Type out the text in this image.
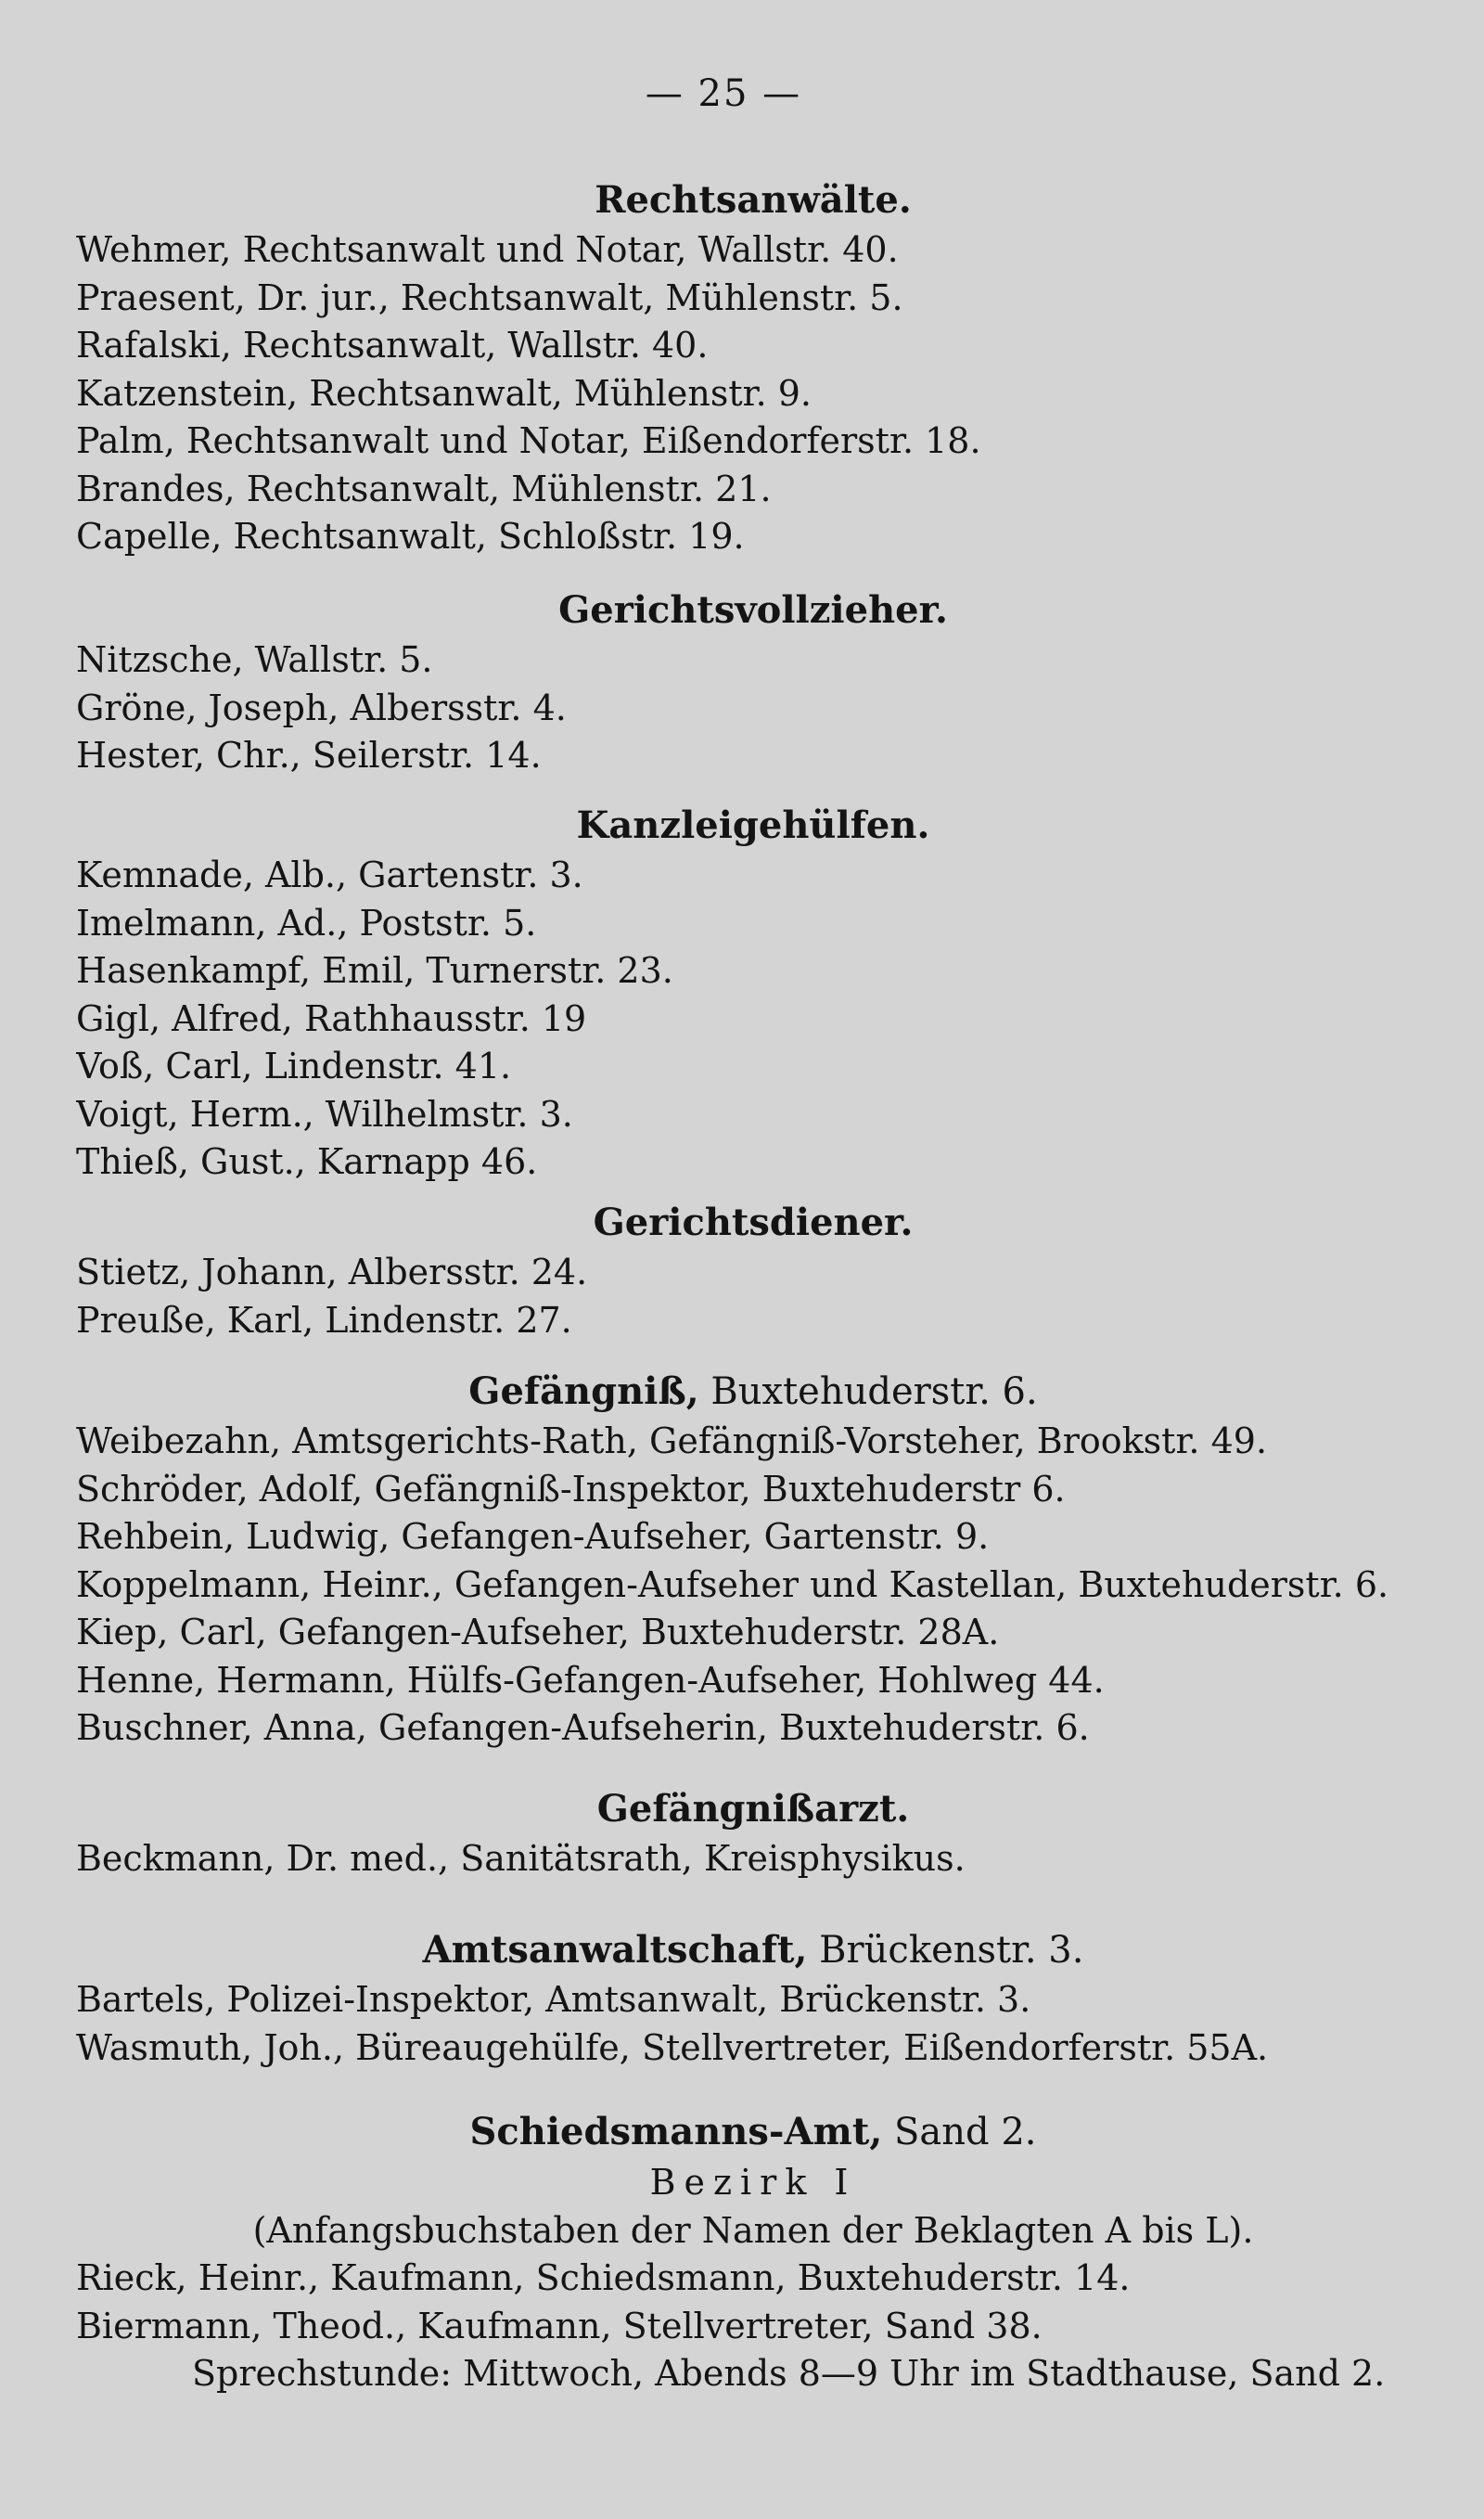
— 25 —
Rechtsanwälte.
Wehmer, Rechtsanwalt und Notar, Wallstr. 40.
Praesent, Dr. jur., Rechtsanwalt, Mühlenstr. 5.
Rafalski, Rechtsanwalt, Wallstr. 40.
Katzenstein, Rechtsanwalt, Mühlenstr. 9.
Palm, Rechtsanwalt und Notar, Eißendorferstr. 18.
Brandes, Rechtsanwalt, Mühlenstr. 21.
Capelle, Rechtsanwalt, Schloßstr. 19.
Gerichtsvollzieher.
Nitzsche, Wallstr. 5.
Gröne, Joseph, Albersstr. 4.
Hester, Chr., Seilerstr. 14.
Kanzleigehülfen.
Kemnade, Alb., Gartenstr. 3.
Imelmann, Ad., Poststr. 5.
Hasenkampf, Emil, Turnerstr. 23.
Gigl, Alfred, Rathhausstr. 19
Voß, Carl, Lindenstr. 41.
Voigt, Herm., Wilhelmstr. 3.
Thieß, Gust., Karnapp 46.
Gerichtsdiener.
Stietz, Johann, Albersstr. 24.
Preuße, Karl, Lindenstr. 27.
Gefängniß, Buxtehuderstr. 6.
Weibezahn, Amtsgerichts-Rath, Gefängniß-Vorsteher, Brookstr. 49.
Schröder, Adolf, Gefängniß-Inspektor, Buxtehuderstr 6.
Rehbein, Ludwig, Gefangen-Aufseher, Gartenstr. 9.
Koppelmann, Heinr., Gefangen-Aufseher und Kastellan, Buxtehuderstr. 6.
Kiep, Carl, Gefangen-Aufseher, Buxtehuderstr. 28A.
Henne, Hermann, Hülfs-Gefangen-Aufseher, Hohlweg 44.
Buschner, Anna, Gefangen-Aufseherin, Buxtehuderstr. 6.
Gefängnißarzt.
Beckmann, Dr. med., Sanitätsrath, Kreisphysikus.
Amtsanwaltschaft, Brückenstr. 3.
Bartels, Polizei-Inspektor, Amtsanwalt, Brückenstr. 3.
Wasmuth, Joh., Büreaugehülfe, Stellvertreter, Eißendorferstr. 55A.
Schiedsmanns-Amt, Sand 2.
Bezirk I
(Anfangsbuchstaben der Namen der Beklagten A bis L).
Rieck, Heinr., Kaufmann, Schiedsmann, Buxtehuderstr. 14.
Biermann, Theod., Kaufmann, Stellvertreter, Sand 38.
Sprechstunde: Mittwoch, Abends 8—9 Uhr im Stadthause, Sand 2.
